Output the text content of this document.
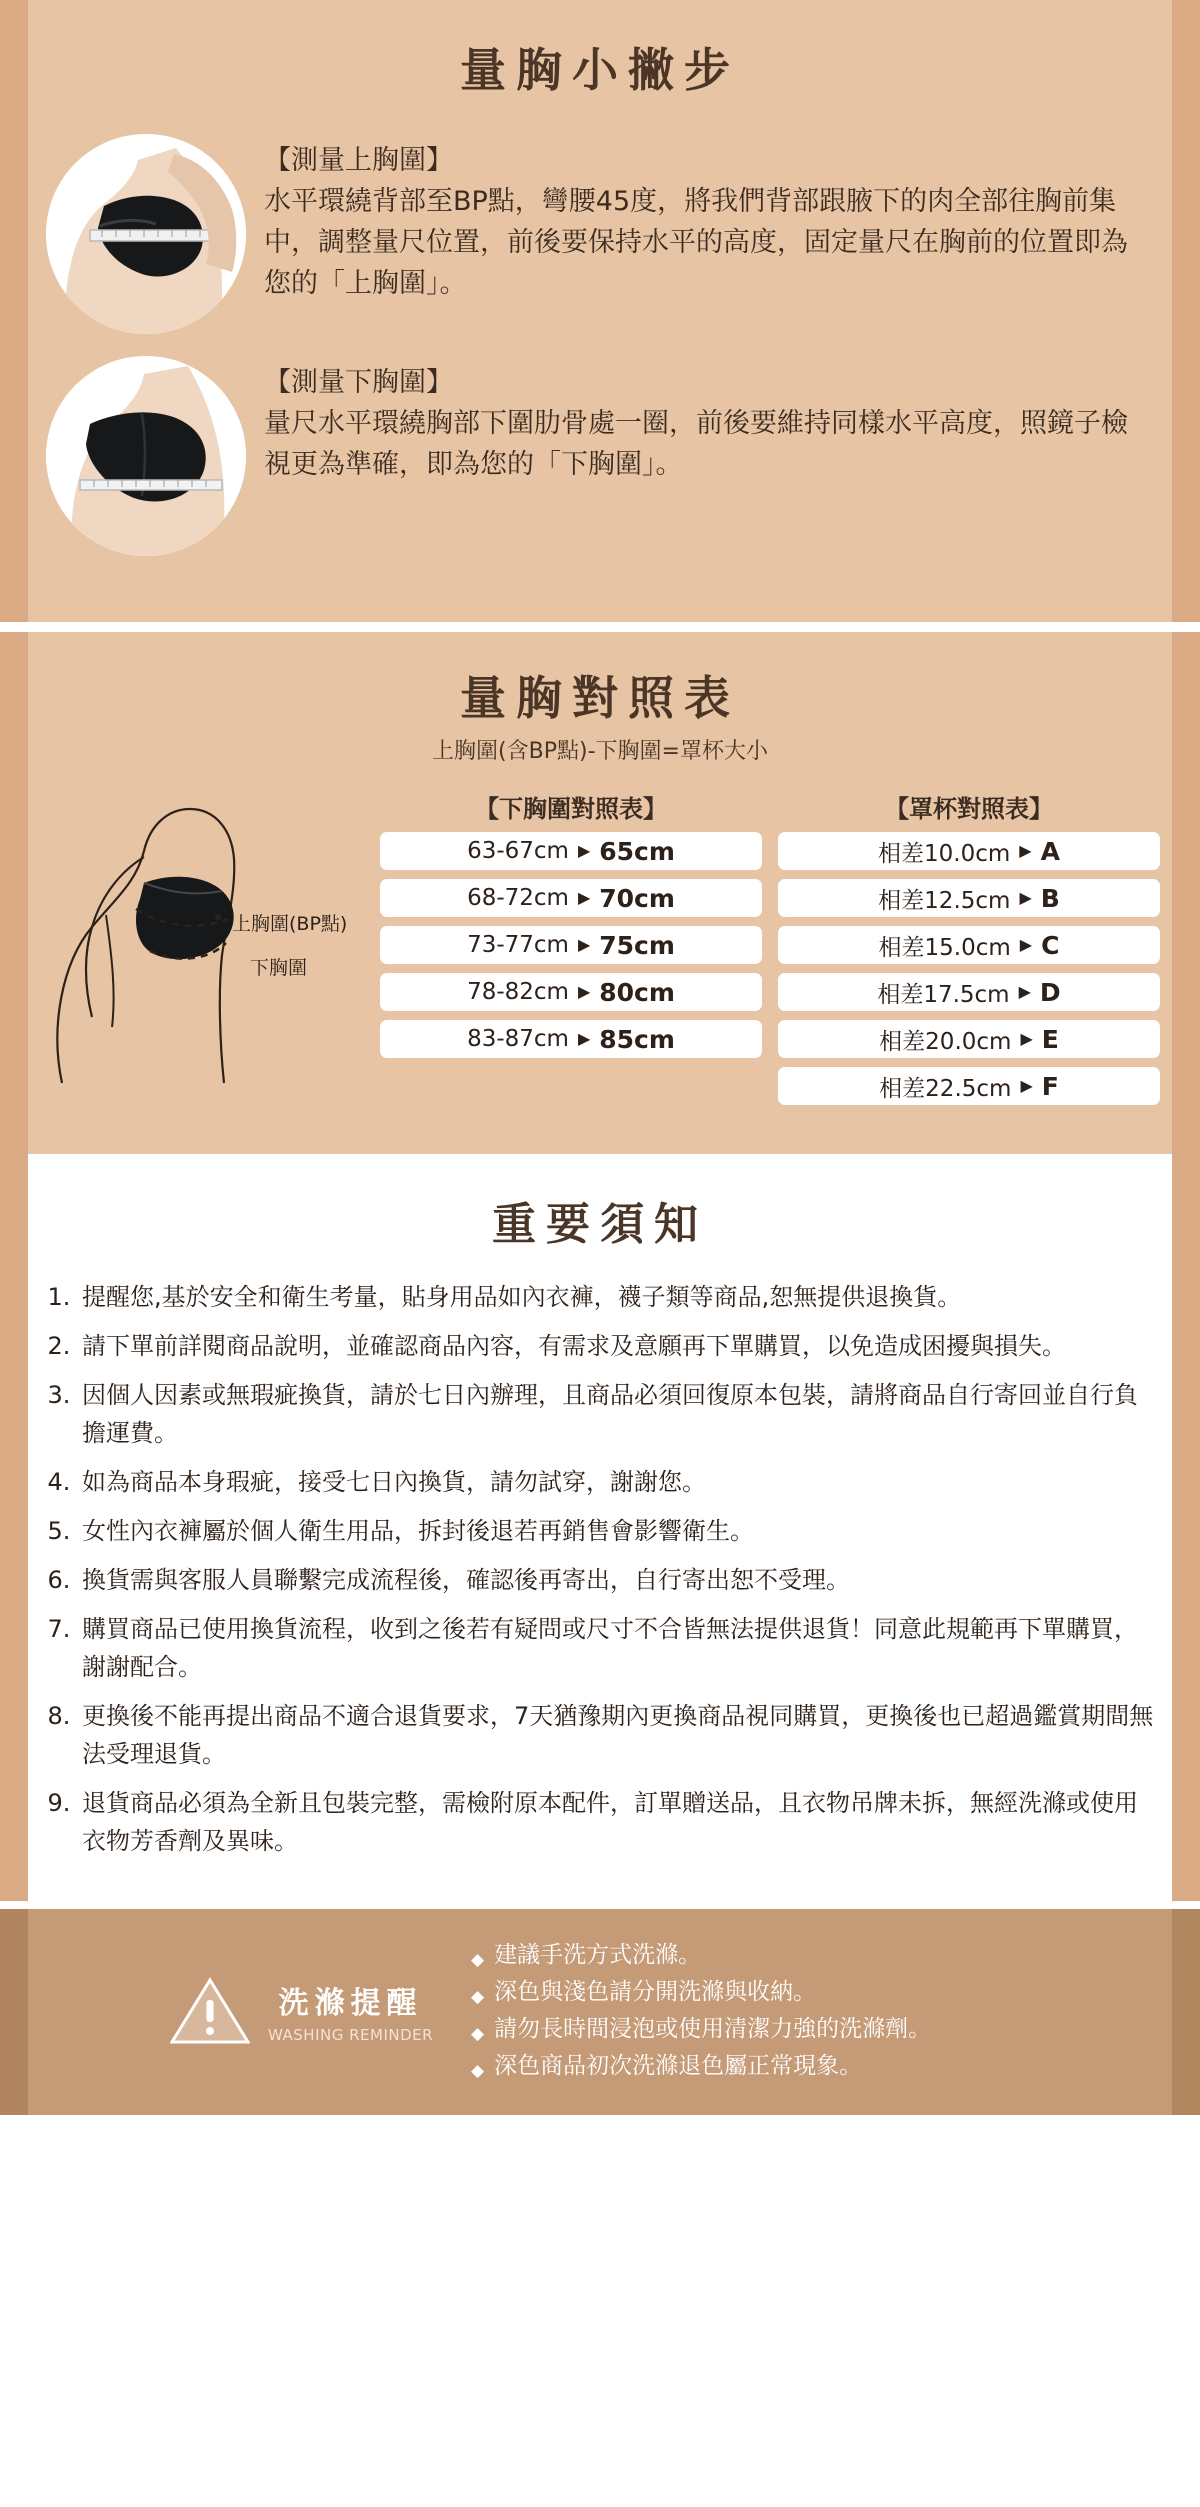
量胸小撇步
【測量上胸圍】
水平環繞背部至BP點，彎腰45度，將我們背部跟腋下的肉全部往胸前集中，調整量尺位置，前後要保持水平的高度，固定量尺在胸前的位置即為您的「上胸圍」。
【測量下胸圍】
量尺水平環繞胸部下圍肋骨處一圈，前後要維持同樣水平高度，照鏡子檢視更為準確，即為您的「下胸圍」。
量胸對照表
上胸圍(含BP點)-下胸圍=罩杯大小
上胸圍(BP點)
下胸圍
【下胸圍對照表】
63-67cm ▶ 65cm
68-72cm ▶ 70cm
73-77cm ▶ 75cm
78-82cm ▶ 80cm
83-87cm ▶ 85cm
【罩杯對照表】
相差10.0cm ▶ A
相差12.5cm ▶ B
相差15.0cm ▶ C
相差17.5cm ▶ D
相差20.0cm ▶ E
相差22.5cm ▶ F
重要須知
1. 提醒您,基於安全和衛生考量，貼身用品如內衣褲，襪子類等商品,恕無提供退換貨。
2. 請下單前詳閱商品說明，並確認商品內容，有需求及意願再下單購買，以免造成困擾與損失。
3. 因個人因素或無瑕疵換貨，請於七日內辦理，且商品必須回復原本包裝，請將商品自行寄回並自行負擔運費。
4. 如為商品本身瑕疵，接受七日內換貨，請勿試穿，謝謝您。
5. 女性內衣褲屬於個人衛生用品，拆封後退若再銷售會影響衛生。
6. 換貨需與客服人員聯繫完成流程後，確認後再寄出，自行寄出恕不受理。
7. 購買商品已使用換貨流程，收到之後若有疑問或尺寸不合皆無法提供退貨！同意此規範再下單購買，謝謝配合。
8. 更換後不能再提出商品不適合退貨要求，7天猶豫期內更換商品視同購買，更換後也已超過鑑賞期間無法受理退貨。
9. 退貨商品必須為全新且包裝完整，需檢附原本配件，訂單贈送品，且衣物吊牌未拆，無經洗滌或使用衣物芳香劑及異味。
洗滌提醒
WASHING REMINDER
◆ 建議手洗方式洗滌。
◆ 深色與淺色請分開洗滌與收納。
◆ 請勿長時間浸泡或使用清潔力強的洗滌劑。
◆ 深色商品初次洗滌退色屬正常現象。
